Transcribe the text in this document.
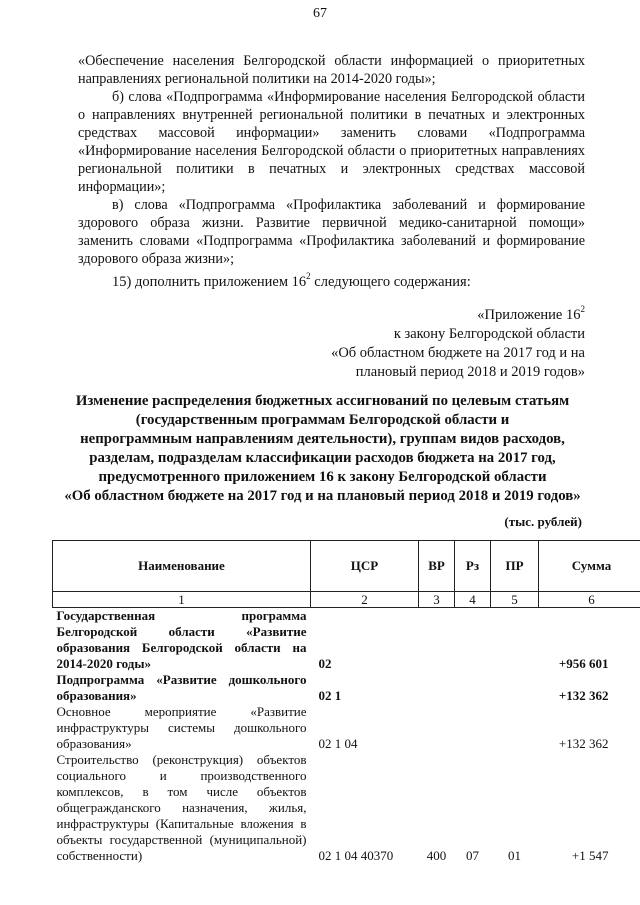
67

«Обеспечение населения Белгородской области информацией о приоритетных направлениях региональной политики на 2014-2020 годы»;

б) слова «Подпрограмма «Информирование населения Белгородской области о направлениях внутренней региональной политики в печатных и электронных средствах массовой информации» заменить словами «Подпрограмма «Информирование населения Белгородской области о приоритетных направлениях региональной политики в печатных и электронных средствах массовой информации»;

в) слова «Подпрограмма «Профилактика заболеваний и формирование здорового образа жизни. Развитие первичной медико-санитарной помощи» заменить словами «Подпрограмма «Профилактика заболеваний и формирование здорового образа жизни»;

15) дополнить приложением $16^2$ следующего содержания:
«Приложение $16^2$
к закону Белгородской области
«Об областном бюджете на 2017 год и на
плановый период 2018 и 2019 годов»
Изменение распределения бюджетных ассигнований по целевым статьям
(государственным программам Белгородской области и
непрограммным направлениям деятельности), группам видов расходов,
разделам, подразделам классификации расходов бюджета на 2017 год,
предусмотренного приложением 16 к закону Белгородской области
«Об областном бюджете на 2017 год и на плановый период 2018 и 2019 годов»
(тыс. рублей)
Наименование	ЦСР	ВР	Рз	ПР	Сумма
1	2	3	4	5	6
Государственная программа Белгородской области «Развитие образования Белгородской области на 2014-2020 годы»	02				+956 601
Подпрограмма «Развитие дошкольного образования»	02 1				+132 362
Основное мероприятие «Развитие инфраструктуры системы дошкольного образования»	02 1 04				+132 362
Строительство (реконструкция) объектов социального и производственного комплексов, в том числе объектов общегражданского назначения, жилья, инфраструктуры (Капитальные вложения в объекты государственной (муниципальной) собственности)	02 1 04 40370	400	07	01	+1 547
